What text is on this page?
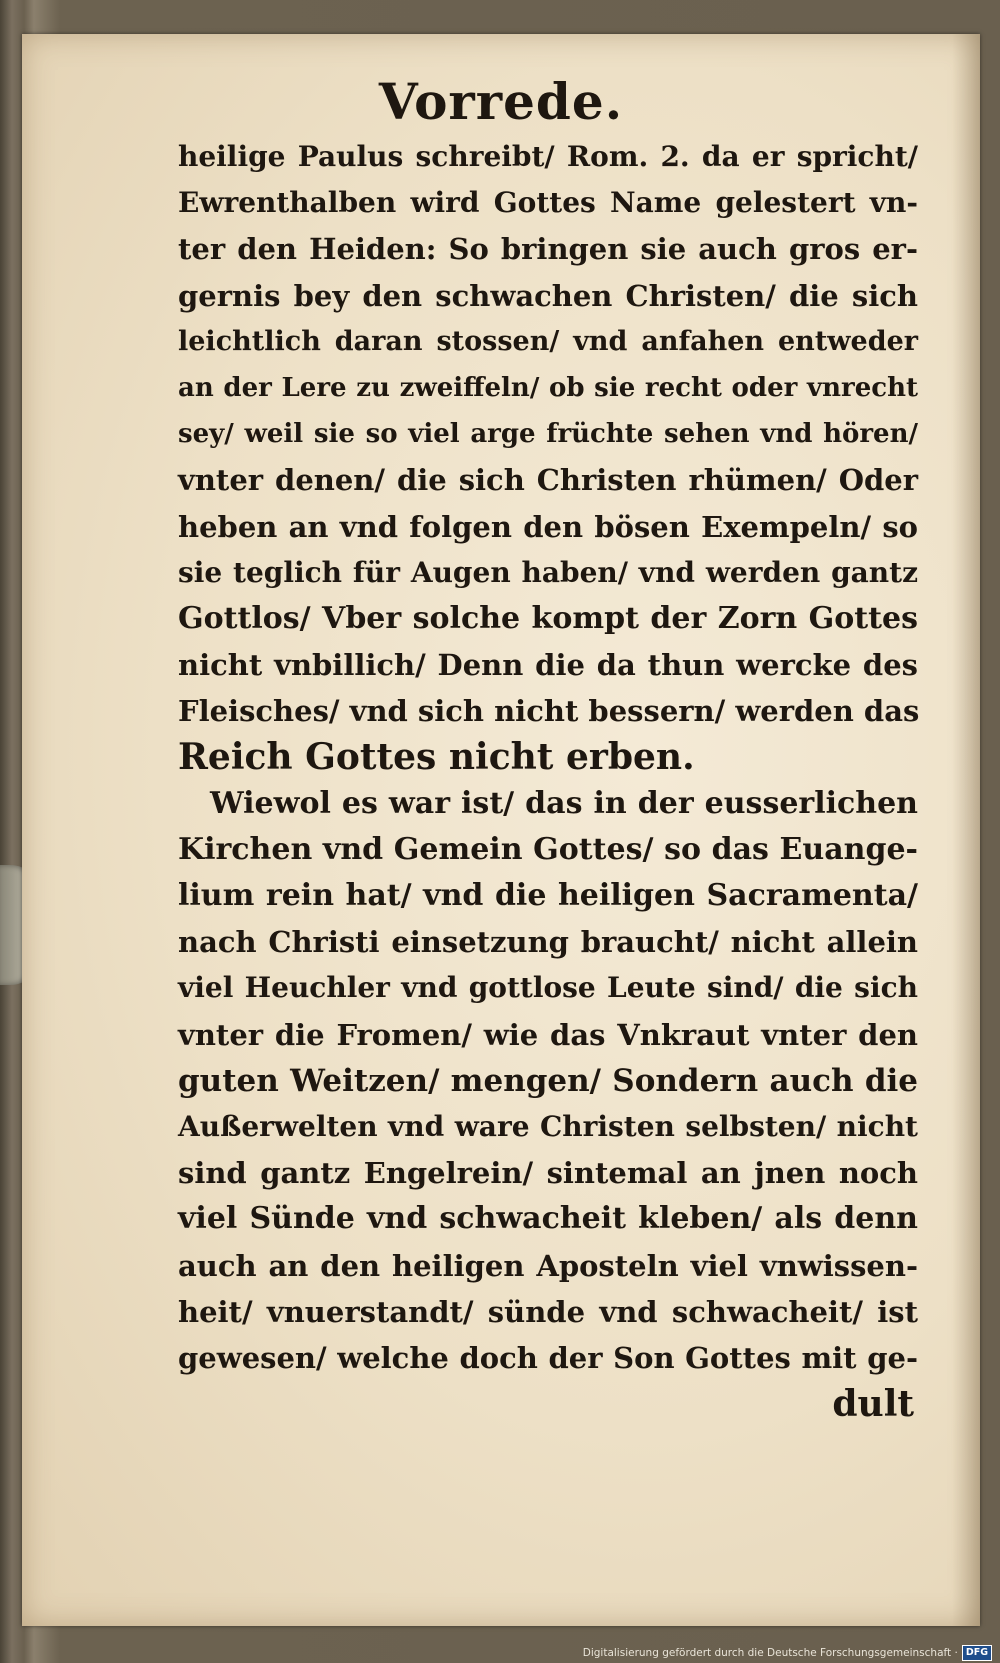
Vorrede.
heilige Paulus schreibt/ Rom. 2. da er spricht/
Ewrenthalben wird Gottes Name gelestert vn-
ter den Heiden: So bringen sie auch gros er-
gernis bey den schwachen Christen/ die sich
leichtlich daran stossen/ vnd anfahen entweder
an der Lere zu zweiffeln/ ob sie recht oder vnrecht
sey/ weil sie so viel arge früchte sehen vnd hören/
vnter denen/ die sich Christen rhümen/ Oder
heben an vnd folgen den bösen Exempeln/ so
sie teglich für Augen haben/ vnd werden gantz
Gottlos/ Vber solche kompt der Zorn Gottes
nicht vnbillich/ Denn die da thun wercke des
Fleisches/ vnd sich nicht bessern/ werden das
Reich Gottes nicht erben.
Wiewol es war ist/ das in der eusserlichen
Kirchen vnd Gemein Gottes/ so das Euange-
lium rein hat/ vnd die heiligen Sacramenta/
nach Christi einsetzung braucht/ nicht allein
viel Heuchler vnd gottlose Leute sind/ die sich
vnter die Fromen/ wie das Vnkraut vnter den
guten Weitzen/ mengen/ Sondern auch die
Außerwelten vnd ware Christen selbsten/ nicht
sind gantz Engelrein/ sintemal an jnen noch
viel Sünde vnd schwacheit kleben/ als denn
auch an den heiligen Aposteln viel vnwissen-
heit/ vnuerstandt/ sünde vnd schwacheit/ ist
gewesen/ welche doch der Son Gottes mit ge-
dult
Digitalisierung gefördert durch die Deutsche Forschungsgemeinschaft · DFG
